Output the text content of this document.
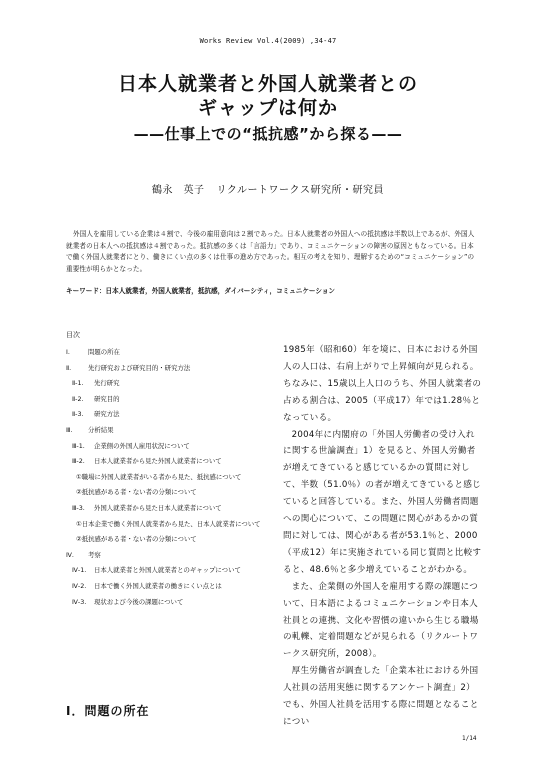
Works Review Vol.4(2009) ,34-47
日本人就業者と外国人就業者との
ギャップは何か
——仕事上での“抵抗感”から探る——
鶴永　英子 リクルートワークス研究所・研究員
外国人を雇用している企業は４割で、今後の雇用意向は２割であった。日本人就業者の外国人への抵抗感は半数以上であるが、外国人就業者の日本人への抵抗感は４割であった。抵抗感の多くは「言語力」であり、コミュニケーションの障害の原因ともなっている。日本で働く外国人就業者にとり、働きにくい点の多くは仕事の進め方であった。相互の考えを知り、理解するための“コミュニケーション”の重要性が明らかとなった。
キーワード：日本人就業者，外国人就業者，抵抗感，ダイバーシティ，コミュニケーション
目次
Ⅰ.	問題の所在
Ⅱ.	先行研究および研究目的・研究方法
Ⅱ-1. 先行研究
Ⅱ-2. 研究目的
Ⅱ-3. 研究方法
Ⅲ. 分析結果
Ⅲ-1. 企業側の外国人雇用状況について
Ⅲ-2. 日本人就業者から見た外国人就業者について
①職場に外国人就業者がいる者から見た、抵抗感について
②抵抗感がある者・ない者の分類について
Ⅲ-3. 外国人就業者から見た日本人就業者について
①日本企業で働く外国人就業者から見た、日本人就業者について
②抵抗感がある者・ない者の分類について
Ⅳ. 考察
Ⅳ-1. 日本人就業者と外国人就業者とのギャップについて
Ⅳ-2. 日本で働く外国人就業者の働きにくい点とは
Ⅳ-3. 現状および今後の課題について
Ⅰ．問題の所在

1985年（昭和60）年を境に、日本における外国人の人口は、右肩上がりで上昇傾向が見られる。ちなみに、15歳以上人口のうち、外国人就業者の占める割合は、2005（平成17）年では1.28％となっている。

2004年に内閣府の「外国人労働者の受け入れに関する世論調査」1）を見ると、外国人労働者が増えてきていると感じているかの質問に対して、半数（51.0％）の者が増えてきていると感じていると回答している。また、外国人労働者問題への関心について、この問題に関心があるかの質問に対しては、関心がある者が53.1％と、2000（平成12）年に実施されている同じ質問と比較すると、48.6％と多少増えていることがわかる。

また、企業側の外国人を雇用する際の課題について、日本語によるコミュニケーションや日本人社員との連携、文化や習慣の違いから生じる職場の軋轢、定着問題などが見られる（リクルートワークス研究所，2008）。

厚生労働省が調査した「企業本社における外国人社員の活用実態に関するアンケート調査」2）でも、外国人社員を活用する際に問題となることについ

1/14
